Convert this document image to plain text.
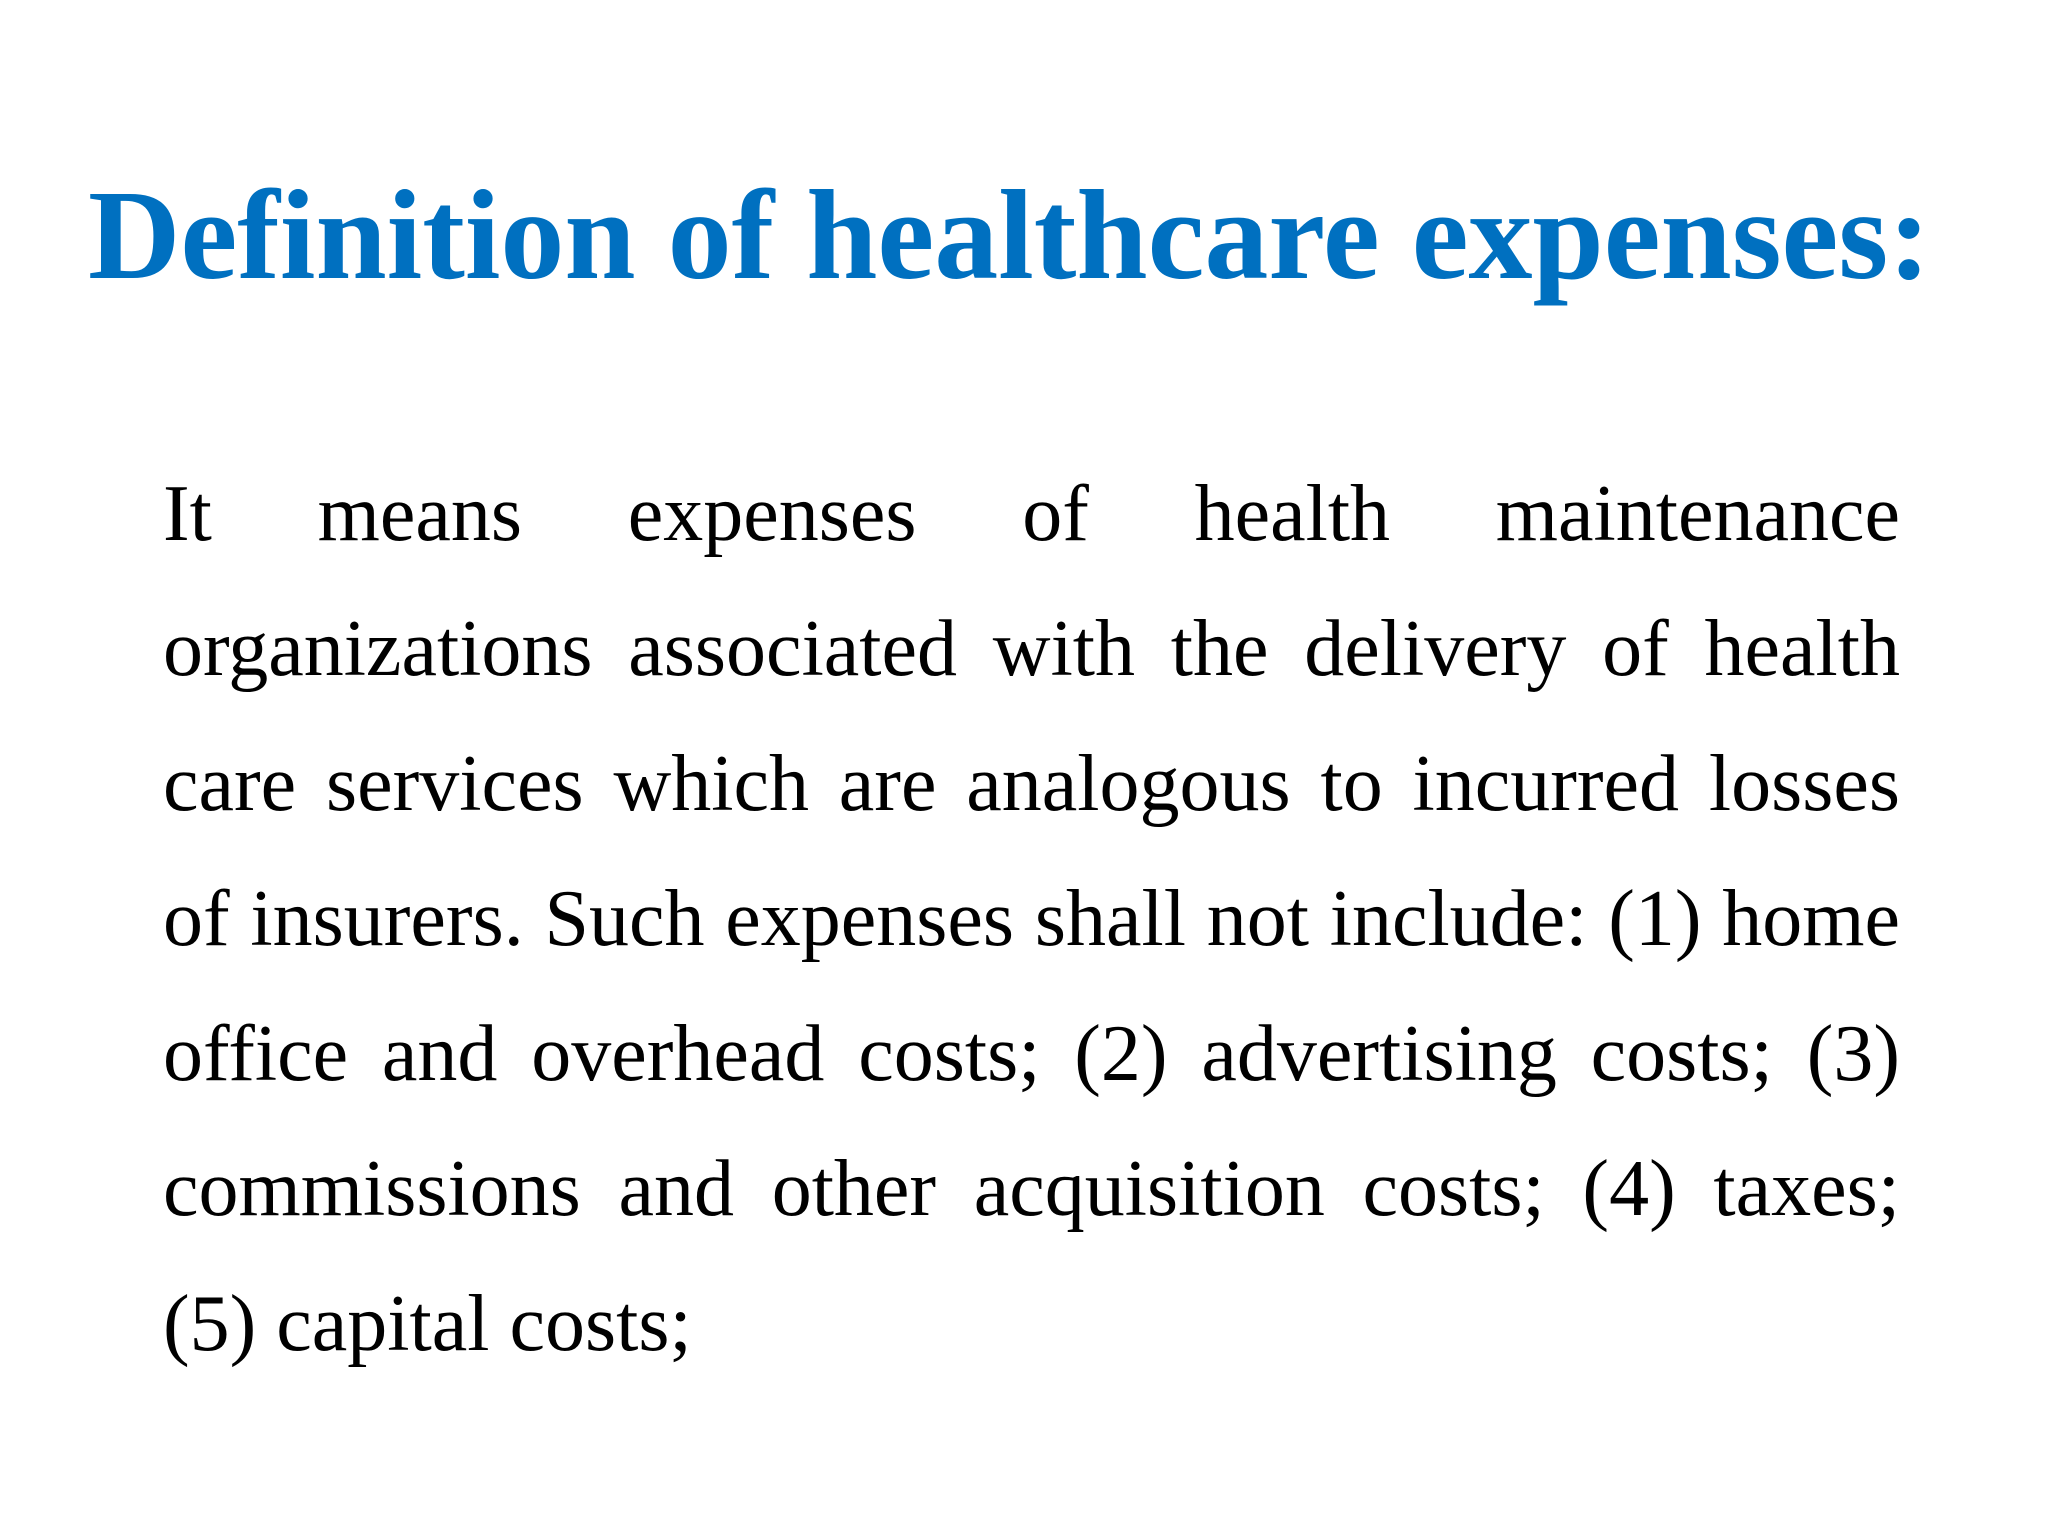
Definition of healthcare expenses:

It means expenses of health maintenance organizations associated with the delivery of health care services which are analogous to incurred losses of insurers. Such expenses shall not include: (1) home office and overhead costs; (2) advertising costs; (3) commissions and other acquisition costs; (4) taxes; (5) capital costs;
